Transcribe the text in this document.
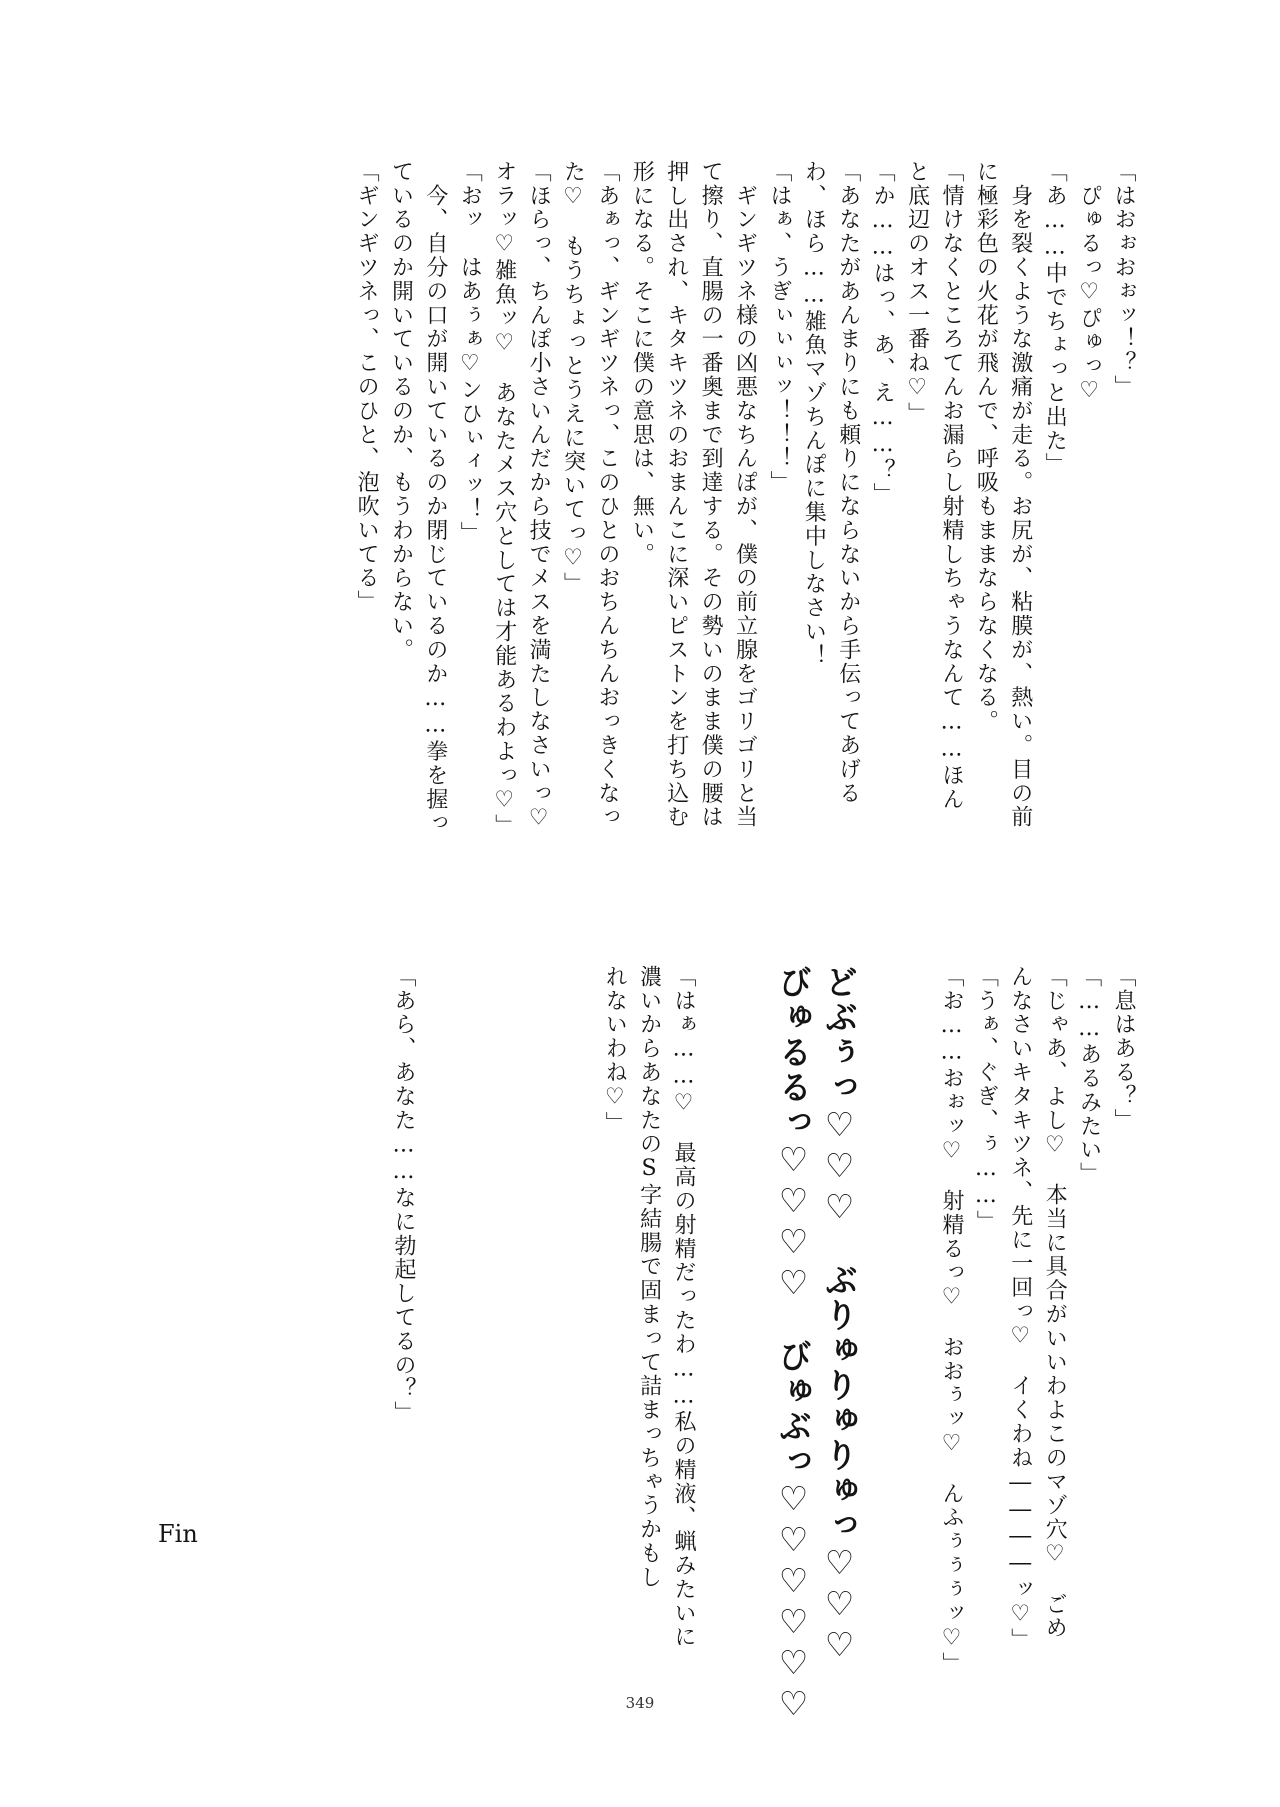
「はおぉおぉッ！？」
　ぴゅるっ♡ぴゅっ♡
「あ……中でちょっと出た」
　身を裂くような激痛が走る。お尻が、粘膜が、熱い。目の前
に極彩色の火花が飛んで、呼吸もままならなくなる。
「情けなくところてんお漏らし射精しちゃうなんて……ほん
と底辺のオス一番ね♡」
「か……はっ、あ、え……？」
「あなたがあんまりにも頼りにならないから手伝ってあげる
わ、ほら……雑魚マゾちんぽに集中しなさい！
「はぁ、うぎぃぃぃッ！！！」
　ギンギツネ様の凶悪なちんぽが、僕の前立腺をゴリゴリと当
て擦り、直腸の一番奥まで到達する。その勢いのまま僕の腰は
押し出され、キタキツネのおまんこに深いピストンを打ち込む
形になる。そこに僕の意思は、無い。
「あぁっ、ギンギツネっ、このひとのおちんちんおっきくなっ
た♡　もうちょっとうえに突いてっ♡」
「ほらっ、ちんぽ小さいんだから技でメスを満たしなさいっ♡
オラッ♡雑魚ッ♡　あなたメス穴としては才能あるわよっ♡」
「おッ　はあぅぁ♡ンひぃィッ！」
　今、自分の口が開いているのか閉じているのか……拳を握っ
ているのか開いているのか、もうわからない。
「ギンギツネっ、このひと、泡吹いてる」
「息はある？」
「……あるみたい」
「じゃあ、よし♡　本当に具合がいいわよこのマゾ穴♡　ごめ
んなさいキタキツネ、先に一回っ♡　イくわね――――ッ♡」
「うぁ、ぐぎ、ぅ……」
「お……おぉッ♡　射精るっ♡　おおぅッ♡　んふぅぅぅッ♡」
どぶぅっ♡♡♡　ぶりゅりゅりゅっ♡♡♡
びゅるるっ♡♡♡♡　びゅぶっ♡♡♡♡♡♡
「はぁ……♡　最高の射精だったわ……私の精液、蝋みたいに
濃いからあなたのS字結腸で固まって詰まっちゃうかもし
れないわね♡」
「あら、あなた……なに勃起してるの？」
Fin
349
